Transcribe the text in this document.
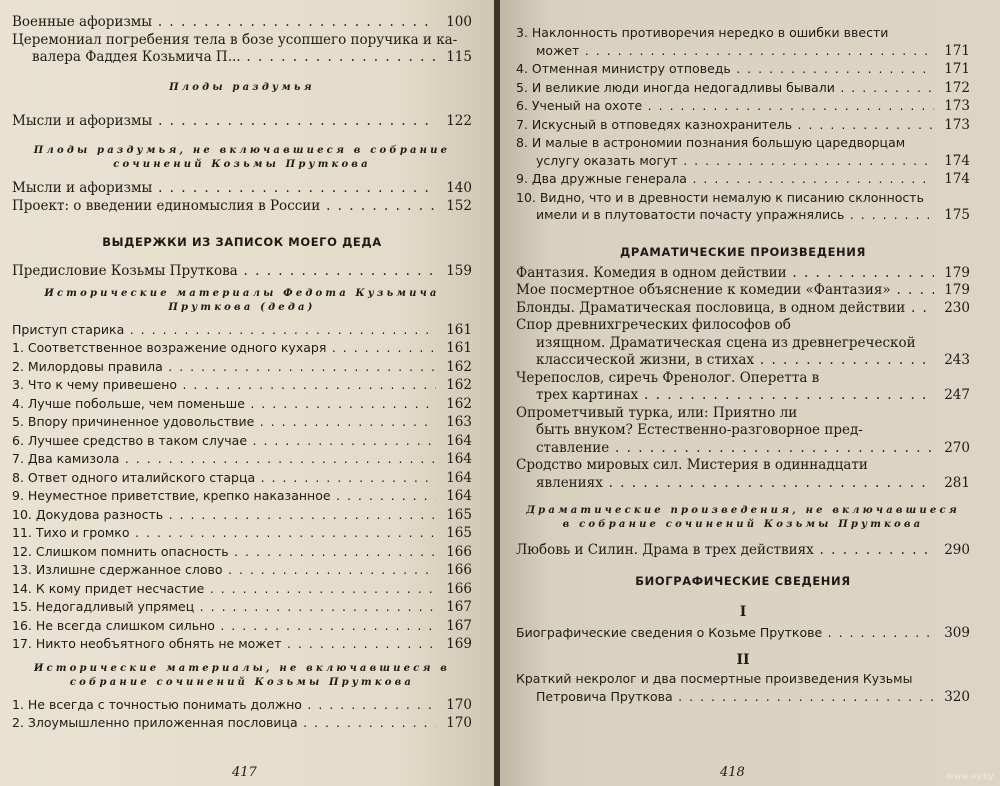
Военные афоризмы . . .	100
Церемониал погребения тела в бозе усопшего поручика и ка-
валера Фаддея Козьмича П... . . .	115
Плоды раздумья
Мысли и афоризмы . . .	122
Плоды раздумья, не включавшиеся в собрание
сочинений Козьмы Пруткова
Мысли и афоризмы . . .	140
Проект: о введении единомыслия в России . . .	152
ВЫДЕРЖКИ ИЗ ЗАПИСОК МОЕГО ДЕДА
Предисловие Козьмы Пруткова . . .	159
Исторические материалы Федота Кузьмича
Пруткова (деда)
Приступ старика . . .	161
1. Соответственное возражение одного кухаря . . .	161
2. Милордовы правила . . .	162
3. Что к чему привешено . . .	162
4. Лучше побольше, чем поменьше . . .	162
5. Впору причиненное удовольствие . . .	163
6. Лучшее средство в таком случае . . .	164
7. Два камизола . . .	164
8. Ответ одного италийского старца . . .	164
9. Неуместное приветствие, крепко наказанное . . .	164
10. Докудова разность . . .	165
11. Тихо и громко . . .	165
12. Слишком помнить опасность . . .	166
13. Излишне сдержанное слово . . .	166
14. К кому придет несчастие . . .	166
15. Недогадливый упрямец . . .	167
16. Не всегда слишком сильно . . .	167
17. Никто необъятного обнять не может . . .	169
Исторические материалы, не включавшиеся в
собрание сочинений Козьмы Пруткова
1. Не всегда с точностью понимать должно . . .	170
2. Злоумышленно приложенная пословица . . .	170
417
3. Наклонность противоречия нередко в ошибки ввести
может . . .	171
4. Отменная министру отповедь . . .	171
5. И великие люди иногда недогадливы бывали . . .	172
6. Ученый на охоте . . .	173
7. Искусный в отповедях казнохранитель . . .	173
8. И малые в астрономии познания большую царедворцам
услугу оказать могут . . .	174
9. Два дружные генерала . . .	174
10. Видно, что и в древности немалую к писанию склонность
имели и в плутоватости почасту упражнялись . . .	175
ДРАМАТИЧЕСКИЕ ПРОИЗВЕДЕНИЯ
Фантазия. Комедия в одном действии . . .	179
Мое посмертное объяснение к комедии «Фантазия» . . .	179
Блонды. Драматическая пословица, в одном действии . . .	230
Спор древнихгреческих философов об
изящном. Драматическая сцена из древнегреческой
классической жизни, в стихах . . .	243
Черепослов, сиречь Френолог. Оперетта в
трех картинах . . .	247
Опрометчивый турка, или: Приятно ли
быть внуком? Естественно-разговорное пред-
ставление . . .	270
Сродство мировых сил. Мистерия в одиннадцати
явлениях . . .	281
Драматические произведения, не включавшиеся
в собрание сочинений Козьмы Пруткова
Любовь и Силин. Драма в трех действиях . . .	290
БИОГРАФИЧЕСКИЕ СВЕДЕНИЯ
I
Биографические сведения о Козьме Пруткове . . .	309
II
Краткий некролог и два посмертные произведения Кузьмы
Петровича Пруткова . . .	320
418	www.ay.by
